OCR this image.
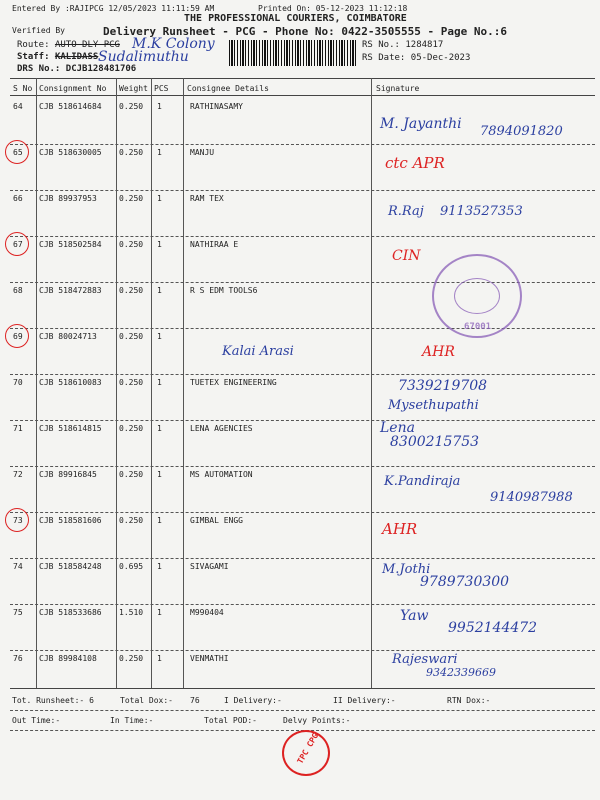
Entered By :RAJIPCG 12/05/2023 11:11:59 AM	Printed On: 05-12-2023 11:12:18
THE PROFESSIONAL COURIERS, COIMBATORE
Verified By	Delivery Runsheet - PCG - Phone No: 0422-3505555 - Page No.:6
Route: AUTO DLY PCG M.K Colony
Staff: KALIDASS Sudalimuthu
DRS No.: DCJB128481706
RS No.: 1284817
RS Date: 05-Dec-2023
S No Consignment No Weight PCS Consignee Details	Signature
64 CJB 518614684 0.250 1	RATHINASAMY
M. Jayanthi 7894091820
65 CJB 518630005 0.250 1	MANJU
ctc APR
66 CJB 89937953	0.250 1	RAM TEX
R.Raj 9113527353
67 CJB 518502584 0.250 1	NATHIRAA E
CIN
68 CJB 518472883 0.250 1	R S EDM TOOLS6
69 CJB 80024713	0.250 1
Kalai Arasi	AHR
70 CJB 518610083 0.250 1	TUETEX ENGINEERING	7339219708
Mysethupathi
71 CJB 518614815 0.250 1	LENA AGENCIES	Lena
8300215753
72 CJB 89916845	0.250 1	MS AUTOMATION	K.Pandiraja
9140987988
73 CJB 518581606 0.250 1	GIMBAL ENGG	AHR
74 CJB 518584248 0.695 1	SIVAGAMI	M.Jothi
9789730300
75 CJB 518533686 1.510 1	M990404	Yaw
9952144472
76 CJB 89984108	0.250 1	VENMATHI	Rajeswari
9342339669
Tot. Runsheet:- 6	Total Dox:- 76	I Delivery:-	II Delivery:-	RTN Dox:-
Out Time:-	In Time:-	Total POD:-	Delvy Points:-
67001
TPC CPG
